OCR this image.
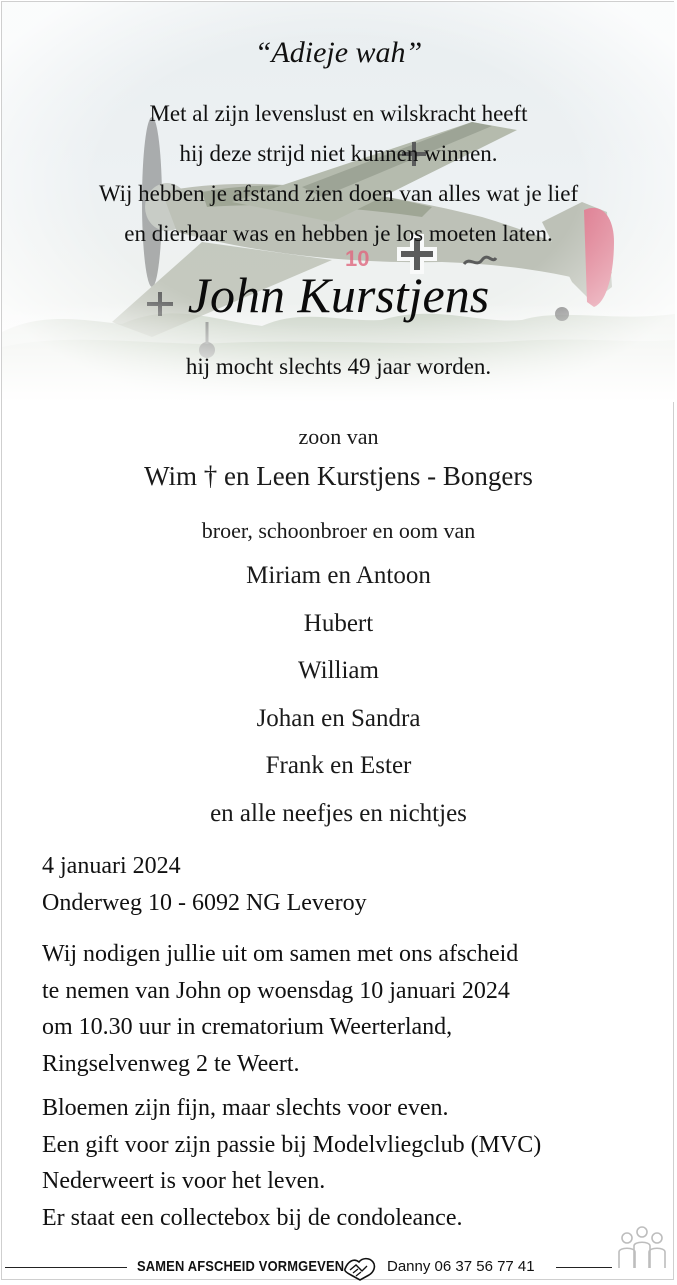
“Adieje wah”
Met al zijn levenslust en wilskracht heeft
hij deze strijd niet kunnen winnen.
Wij hebben je afstand zien doen van alles wat je lief
en dierbaar was en hebben je los moeten laten.
John Kurstjens
hij mocht slechts 49 jaar worden.
zoon van
Wim † en Leen Kurstjens - Bongers
broer, schoonbroer en oom van
Miriam en Antoon
Hubert
William
Johan en Sandra
Frank en Ester
en alle neefjes en nichtjes
4 januari 2024
Onderweg 10 - 6092 NG Leveroy
Wij nodigen jullie uit om samen met ons afscheid
te nemen van John op woensdag 10 januari 2024
om 10.30 uur in crematorium Weerterland,
Ringselvenweg 2 te Weert.
Bloemen zijn fijn, maar slechts voor even.
Een gift voor zijn passie bij Modelvliegclub (MVC)
Nederweert is voor het leven.
Er staat een collectebox bij de condoleance.
SAMEN AFSCHEID VORMGEVEN	Danny 06 37 56 77 41
